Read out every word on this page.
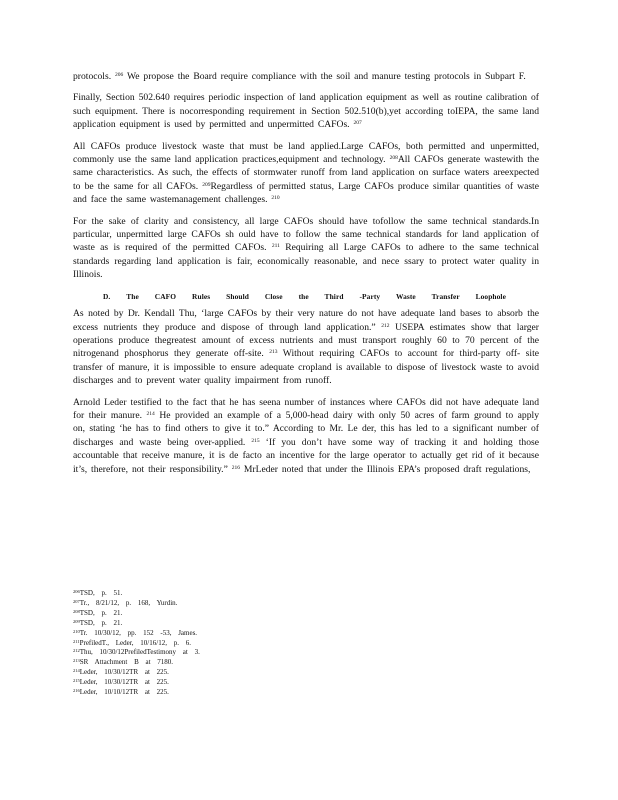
protocols. $^{206}$ We propose the Board require compliance with the soil and manure testing protocols in Subpart F.

Finally, Section 502.640 requires periodic inspection of land application equipment as well as routine calibration of such equipment. There is nocorresponding requirement in Section 502.510(b),yet according toIEPA, the same land application equipment is used by permitted and unpermitted CAFOs. $^{207}$

All CAFOs produce livestock waste that must be land applied.Large CAFOs, both permitted and unpermitted, commonly use the same land application practices,equipment and technology. $^{208}$All CAFOs generate wastewith the same characteristics. As such, the effects of stormwater runoff from land application on surface waters areexpected to be the same for all CAFOs. $^{209}$Regardless of permitted status, Large CAFOs produce similar quantities of waste and face the same wastemanagement challenges. $^{210}$

For the sake of clarity and consistency, all large CAFOs should have tofollow the same technical standards.In particular, unpermitted large CAFOs sh ould have to follow the same technical standards for land application of waste as is required of the permitted CAFOs. $^{211}$ Requiring all Large CAFOs to adhere to the same technical standards regarding land application is fair, economically reasonable, and nece ssary to protect water quality in Illinois.

D. The CAFO Rules Should Close the Third -Party Waste Transfer Loophole

As noted by Dr. Kendall Thu, ‘large CAFOs by their very nature do not have adequate land bases to absorb the excess nutrients they produce and dispose of through land application.” $^{212}$ USEPA estimates show that larger operations produce thegreatest amount of excess nutrients and must transport roughly 60 to 70 percent of the nitrogenand phosphorus they generate off-site. $^{213}$ Without requiring CAFOs to account for third-party off- site transfer of manure, it is impossible to ensure adequate cropland is available to dispose of livestock waste to avoid discharges and to prevent water quality impairment from runoff.

Arnold Leder testified to the fact that he has seena number of instances where CAFOs did not have adequate land for their manure. $^{214}$ He provided an example of a 5,000-head dairy with only 50 acres of farm ground to apply on, stating ‘he has to find others to give it to.” According to Mr. Le der, this has led to a significant number of discharges and waste being over-applied. $^{215}$ ‘If you don’t have some way of tracking it and holding those accountable that receive manure, it is de facto an incentive for the large operator to actually get rid of it because it’s, therefore, not their responsibility.” $^{216}$ MrLeder noted that under the Illinois EPA’s proposed draft regulations,

$^{206}$TSD, p. 51.
$^{207}$Tr., 8/21/12, p. 168, Yurdin.
$^{208}$TSD, p. 21.
$^{209}$TSD, p. 21.
$^{210}$Tr. 10/30/12, pp. 152 -53, James.
$^{211}$PrefiledT., Leder, 10/16/12, p. 6.
$^{212}$Thu, 10/30/12PrefiledTestimony at 3.
$^{213}$SR Attachment B at 7180.
$^{214}$Leder, 10/30/12TR at 225.
$^{215}$Leder, 10/30/12TR at 225.
$^{216}$Leder, 10/10/12TR at 225.
